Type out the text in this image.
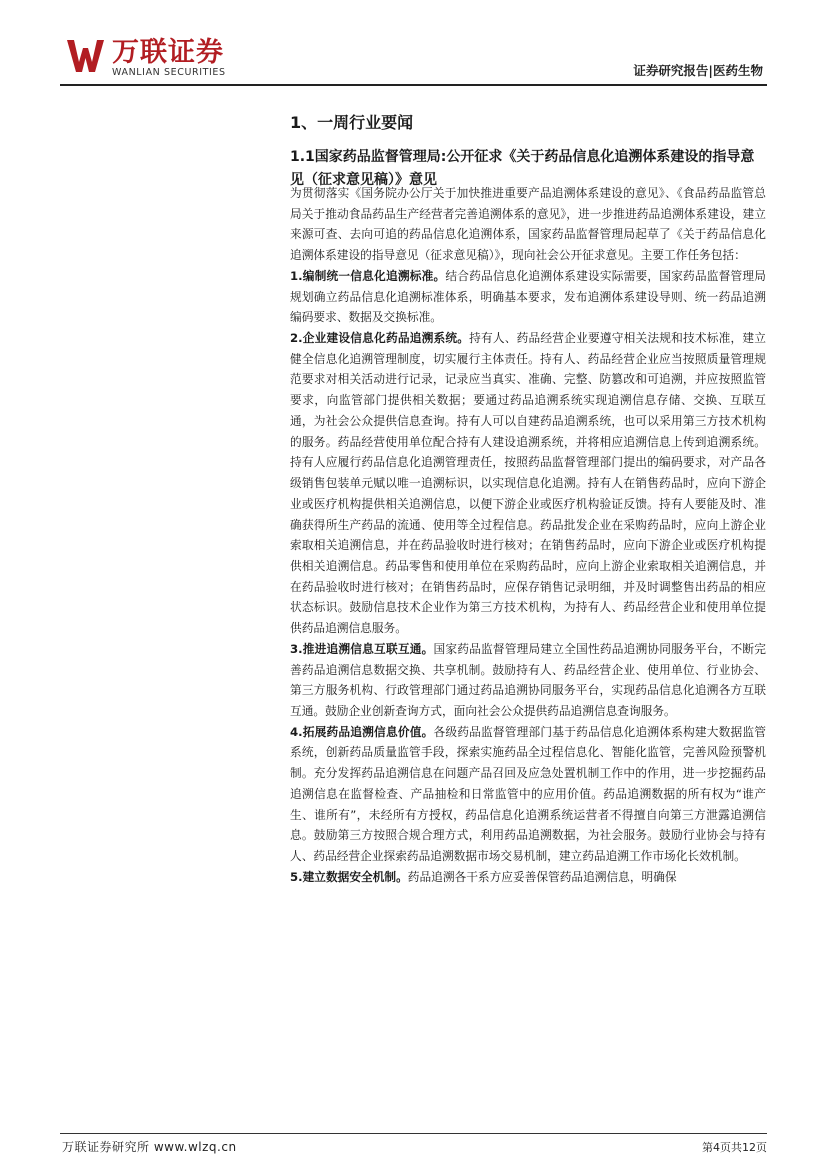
万联证券
WANLIAN SECURITIES	证券研究报告|医药生物
1、一周行业要闻
1.1国家药品监督管理局:公开征求《关于药品信息化追溯体系建设的指导意见（征求意见稿）》意见

为贯彻落实《国务院办公厅关于加快推进重要产品追溯体系建设的意见》、《食品药品监管总局关于推动食品药品生产经营者完善追溯体系的意见》，进一步推进药品追溯体系建设，建立来源可查、去向可追的药品信息化追溯体系，国家药品监督管理局起草了《关于药品信息化追溯体系建设的指导意见（征求意见稿）》，现向社会公开征求意见。主要工作任务包括：

1.编制统一信息化追溯标准。结合药品信息化追溯体系建设实际需要，国家药品监督管理局规划确立药品信息化追溯标准体系，明确基本要求，发布追溯体系建设导则、统一药品追溯编码要求、数据及交换标准。

2.企业建设信息化药品追溯系统。持有人、药品经营企业要遵守相关法规和技术标准，建立健全信息化追溯管理制度，切实履行主体责任。持有人、药品经营企业应当按照质量管理规范要求对相关活动进行记录，记录应当真实、准确、完整、防篡改和可追溯，并应按照监管要求，向监管部门提供相关数据；要通过药品追溯系统实现追溯信息存储、交换、互联互通，为社会公众提供信息查询。持有人可以自建药品追溯系统，也可以采用第三方技术机构的服务。药品经营使用单位配合持有人建设追溯系统，并将相应追溯信息上传到追溯系统。持有人应履行药品信息化追溯管理责任，按照药品监督管理部门提出的编码要求，对产品各级销售包装单元赋以唯一追溯标识，以实现信息化追溯。持有人在销售药品时，应向下游企业或医疗机构提供相关追溯信息，以便下游企业或医疗机构验证反馈。持有人要能及时、准确获得所生产药品的流通、使用等全过程信息。药品批发企业在采购药品时，应向上游企业索取相关追溯信息，并在药品验收时进行核对；在销售药品时，应向下游企业或医疗机构提供相关追溯信息。药品零售和使用单位在采购药品时，应向上游企业索取相关追溯信息，并在药品验收时进行核对；在销售药品时，应保存销售记录明细，并及时调整售出药品的相应状态标识。鼓励信息技术企业作为第三方技术机构，为持有人、药品经营企业和使用单位提供药品追溯信息服务。

3.推进追溯信息互联互通。国家药品监督管理局建立全国性药品追溯协同服务平台，不断完善药品追溯信息数据交换、共享机制。鼓励持有人、药品经营企业、使用单位、行业协会、第三方服务机构、行政管理部门通过药品追溯协同服务平台，实现药品信息化追溯各方互联互通。鼓励企业创新查询方式，面向社会公众提供药品追溯信息查询服务。

4.拓展药品追溯信息价值。各级药品监督管理部门基于药品信息化追溯体系构建大数据监管系统，创新药品质量监管手段，探索实施药品全过程信息化、智能化监管，完善风险预警机制。充分发挥药品追溯信息在问题产品召回及应急处置机制工作中的作用，进一步挖掘药品追溯信息在监督检查、产品抽检和日常监管中的应用价值。药品追溯数据的所有权为“谁产生、谁所有”，未经所有方授权，药品信息化追溯系统运营者不得擅自向第三方泄露追溯信息。鼓励第三方按照合规合理方式，利用药品追溯数据，为社会服务。鼓励行业协会与持有人、药品经营企业探索药品追溯数据市场交易机制，建立药品追溯工作市场化长效机制。

5.建立数据安全机制。药品追溯各干系方应妥善保管药品追溯信息，明确保

万联证券研究所 www.wlzq.cn	第4页共12页
